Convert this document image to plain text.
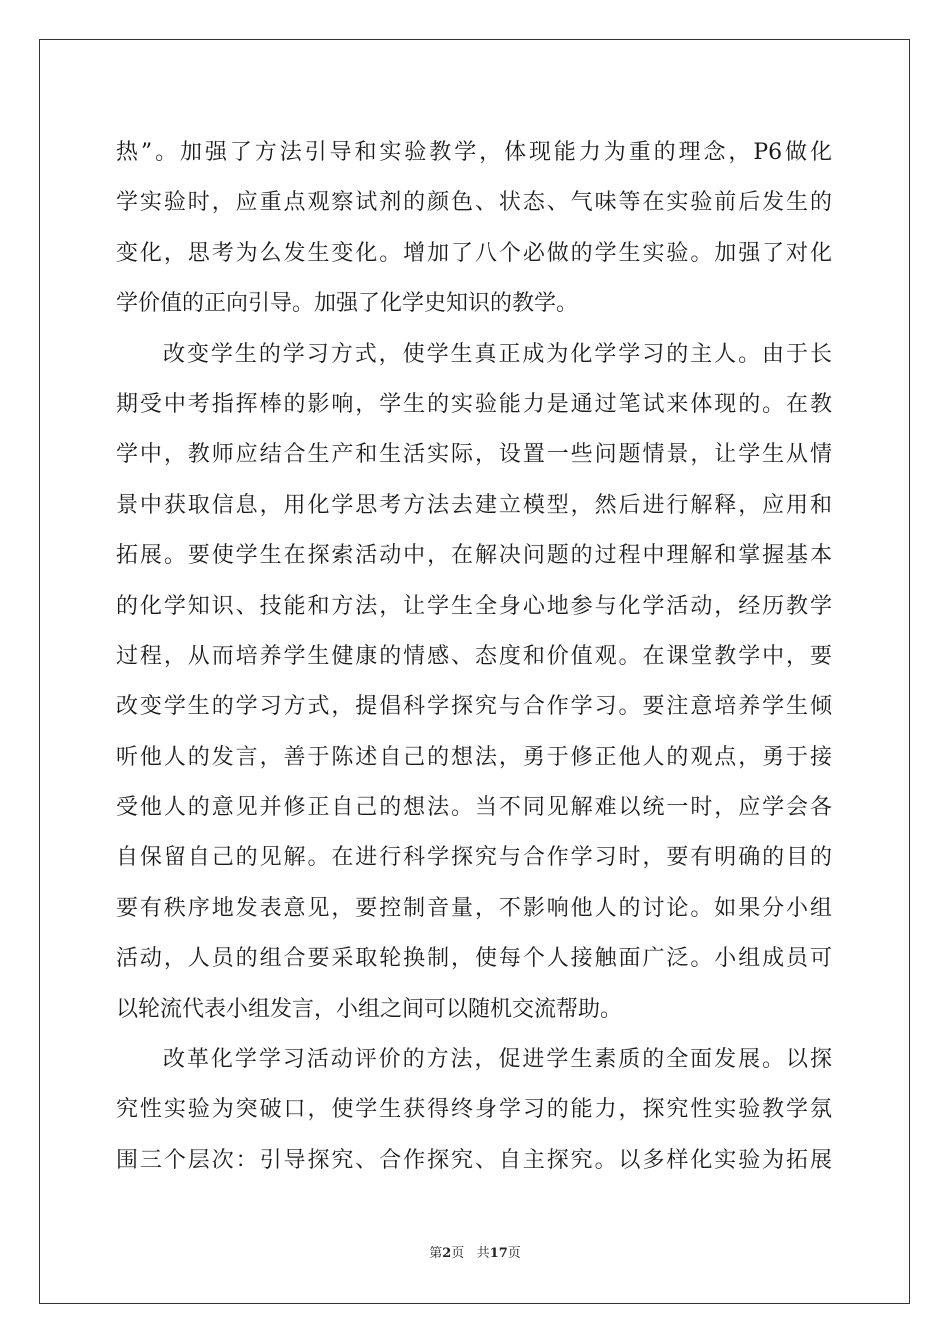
热”。加强了方法引导和实验教学，体现能力为重的理念，P6做化
学实验时，应重点观察试剂的颜色、状态、气味等在实验前后发生的
变化，思考为么发生变化。增加了八个必做的学生实验。加强了对化
学价值的正向引导。加强了化学史知识的教学。
改变学生的学习方式，使学生真正成为化学学习的主人。由于长
期受中考指挥棒的影响，学生的实验能力是通过笔试来体现的。在教
学中，教师应结合生产和生活实际，设置一些问题情景，让学生从情
景中获取信息，用化学思考方法去建立模型，然后进行解释，应用和
拓展。要使学生在探索活动中，在解决问题的过程中理解和掌握基本
的化学知识、技能和方法，让学生全身心地参与化学活动，经历教学
过程，从而培养学生健康的情感、态度和价值观。在课堂教学中，要
改变学生的学习方式，提倡科学探究与合作学习。要注意培养学生倾
听他人的发言，善于陈述自己的想法，勇于修正他人的观点，勇于接
受他人的意见并修正自己的想法。当不同见解难以统一时，应学会各
自保留自己的见解。在进行科学探究与合作学习时，要有明确的目的
要有秩序地发表意见，要控制音量，不影响他人的讨论。如果分小组
活动，人员的组合要采取轮换制，使每个人接触面广泛。小组成员可
以轮流代表小组发言，小组之间可以随机交流帮助。
改革化学学习活动评价的方法，促进学生素质的全面发展。以探
究性实验为突破口，使学生获得终身学习的能力，探究性实验教学氛
围三个层次：引导探究、合作探究、自主探究。以多样化实验为拓展
第2页 共17页
